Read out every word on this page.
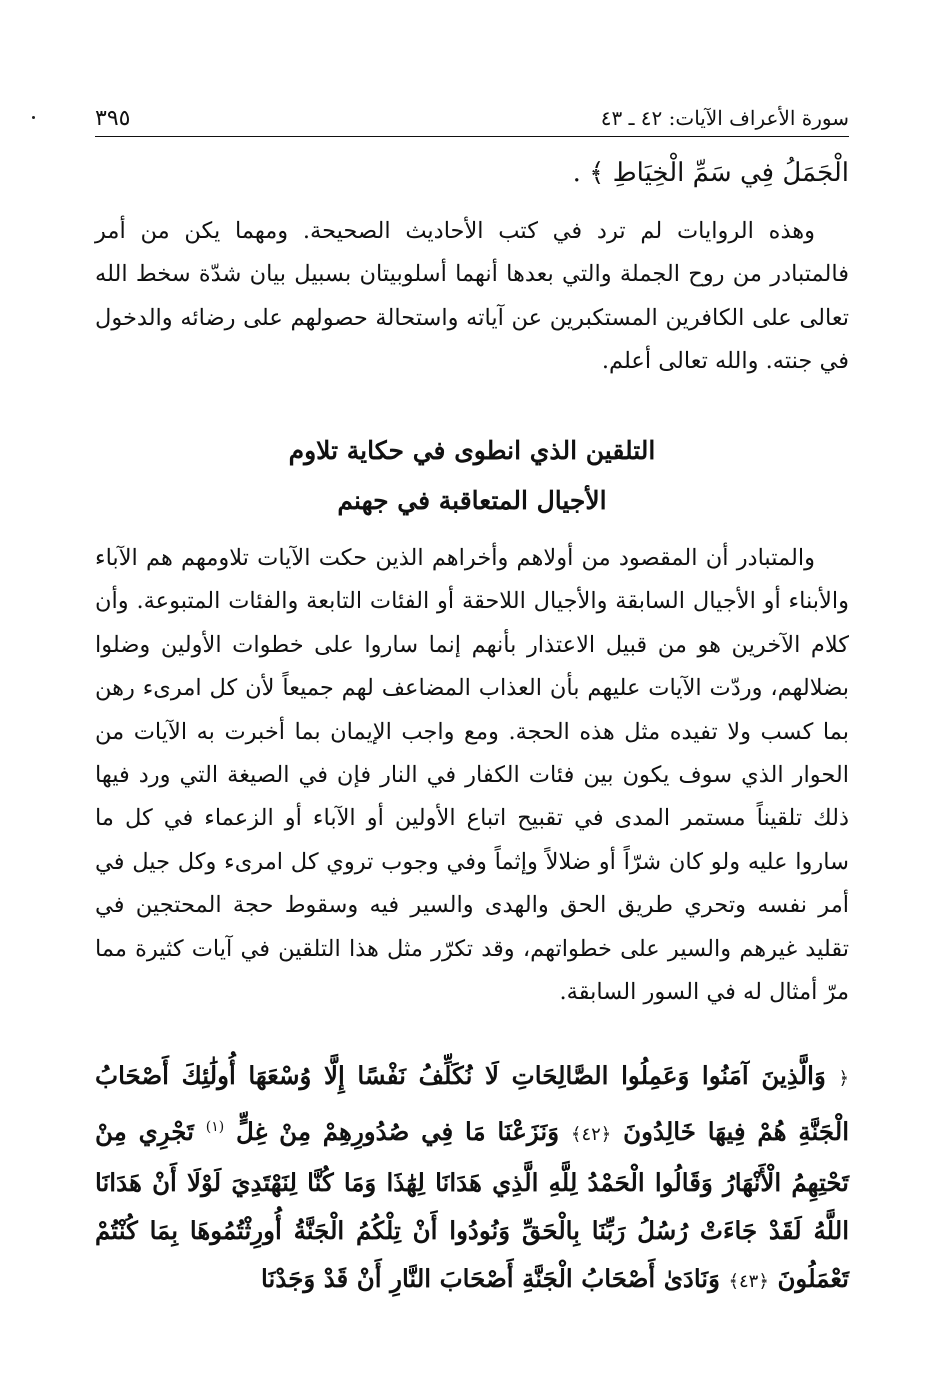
سورة الأعراف الآيات: ٤٢ ـ ٤٣
٣٩٥

الْجَمَلُ فِي سَمِّ الْخِيَاطِ ﴾ .

وهذه الروايات لم ترد في كتب الأحاديث الصحيحة. ومهما يكن من أمر فالمتبادر من روح الجملة والتي بعدها أنهما أسلوبيتان بسبيل بيان شدّة سخط الله تعالى على الكافرين المستكبرين عن آياته واستحالة حصولهم على رضائه والدخول في جنته. والله تعالى أعلم.

التلقين الذي انطوى في حكاية تلاوم
الأجيال المتعاقبة في جهنم

والمتبادر أن المقصود من أولاهم وأخراهم الذين حكت الآيات تلاومهم هم الآباء والأبناء أو الأجيال السابقة والأجيال اللاحقة أو الفئات التابعة والفئات المتبوعة. وأن كلام الآخرين هو من قبيل الاعتذار بأنهم إنما ساروا على خطوات الأولين وضلوا بضلالهم، وردّت الآيات عليهم بأن العذاب المضاعف لهم جميعاً لأن كل امرىء رهن بما كسب ولا تفيده مثل هذه الحجة. ومع واجب الإيمان بما أخبرت به الآيات من الحوار الذي سوف يكون بين فئات الكفار في النار فإن في الصيغة التي ورد فيها ذلك تلقيناً مستمر المدى في تقبيح اتباع الأولين أو الآباء أو الزعماء في كل ما ساروا عليه ولو كان شرّاً أو ضلالاً وإثماً وفي وجوب تروي كل امرىء وكل جيل في أمر نفسه وتحري طريق الحق والهدى والسير فيه وسقوط حجة المحتجين في تقليد غيرهم والسير على خطواتهم، وقد تكرّر مثل هذا التلقين في آيات كثيرة مما مرّ أمثال له في السور السابقة.

﴿ وَالَّذِينَ آمَنُوا وَعَمِلُوا الصَّالِحَاتِ لَا نُكَلِّفُ نَفْسًا إِلَّا وُسْعَهَا أُولَٰئِكَ أَصْحَابُ الْجَنَّةِ هُمْ فِيهَا خَالِدُونَ ﴿٤٢﴾ وَنَزَعْنَا مَا فِي صُدُورِهِمْ مِنْ غِلٍّ $^{(١)}$ تَجْرِي مِنْ تَحْتِهِمُ الْأَنْهَارُ وَقَالُوا الْحَمْدُ لِلَّهِ الَّذِي هَدَانَا لِهَٰذَا وَمَا كُنَّا لِنَهْتَدِيَ لَوْلَا أَنْ هَدَانَا اللَّهُ لَقَدْ جَاءَتْ رُسُلُ رَبِّنَا بِالْحَقِّ وَنُودُوا أَنْ تِلْكُمُ الْجَنَّةُ أُورِثْتُمُوهَا بِمَا كُنْتُمْ تَعْمَلُونَ ﴿٤٣﴾ وَنَادَىٰ أَصْحَابُ الْجَنَّةِ أَصْحَابَ النَّارِ أَنْ قَدْ وَجَدْنَا
